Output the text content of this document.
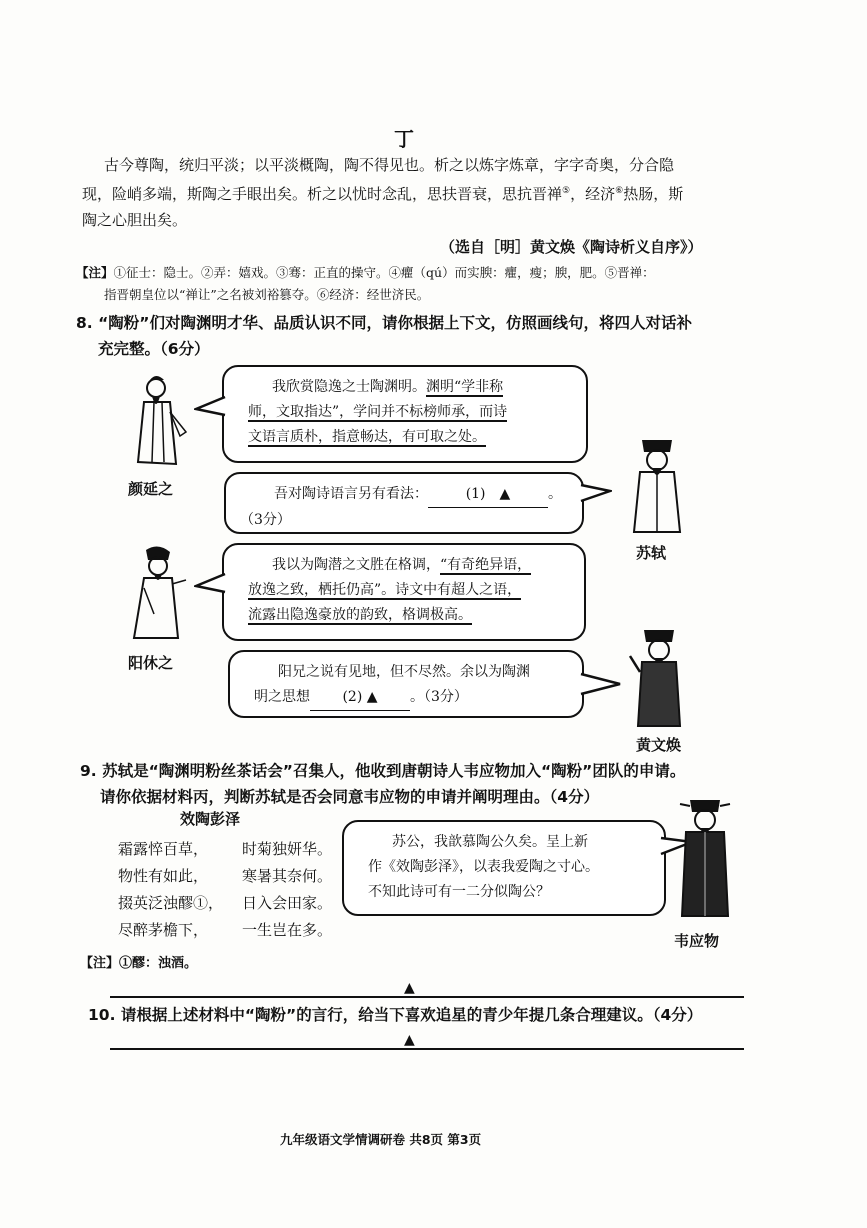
丁
古今尊陶，统归平淡；以平淡概陶，陶不得见也。析之以炼字炼章，字字奇奥，分合隐
现，险峭多端，斯陶之手眼出矣。析之以忧时念乱，思扶晋衰，思抗晋禅⑤，经济⑥热肠，斯
陶之心胆出矣。
（选自［明］黄文焕《陶诗析义自序》）
【注】①征士：隐士。②弄：嬉戏。③骞：正直的操守。④癯（qú）而实腴：癯，瘦；腴，肥。⑤晋禅：
指晋朝皇位以“禅让”之名被刘裕篡夺。⑥经济：经世济民。
8. “陶粉”们对陶渊明才华、品质认识不同，请你根据上下文，仿照画线句，将四人对话补
充完整。（6分）
颜延之
我欣赏隐逸之士陶渊明。渊明“学非称
师，文取指达”，学问并不标榜师承，而诗
文语言质朴，指意畅达，有可取之处。
吾对陶诗语言另有看法：	(1)　▲	。
（3分）
苏轼
阳休之
我以为陶潜之文胜在格调，“有奇绝异语，
放逸之致，栖托仍高”。诗文中有超人之语，
流露出隐逸豪放的韵致，格调极高。
阳兄之说有见地，但不尽然。余以为陶渊
明之思想 (2) ▲ 。（3分）
黄文焕
9. 苏轼是“陶渊明粉丝茶话会”召集人，他收到唐朝诗人韦应物加入“陶粉”团队的申请。
请你依据材料丙，判断苏轼是否会同意韦应物的申请并阐明理由。（4分）
效陶彭泽
霜露悴百草， 时菊独妍华。
物性有如此， 寒暑其奈何。
掇英泛浊醪①， 日入会田家。
尽醉茅檐下， 一生岂在多。
苏公，我歆慕陶公久矣。呈上新
作《效陶彭泽》，以表我爱陶之寸心。
不知此诗可有一二分似陶公？
韦应物
【注】①醪：浊酒。
▲
10. 请根据上述材料中“陶粉”的言行，给当下喜欢追星的青少年提几条合理建议。（4分）
▲
九年级语文学情调研卷 共8页 第3页
